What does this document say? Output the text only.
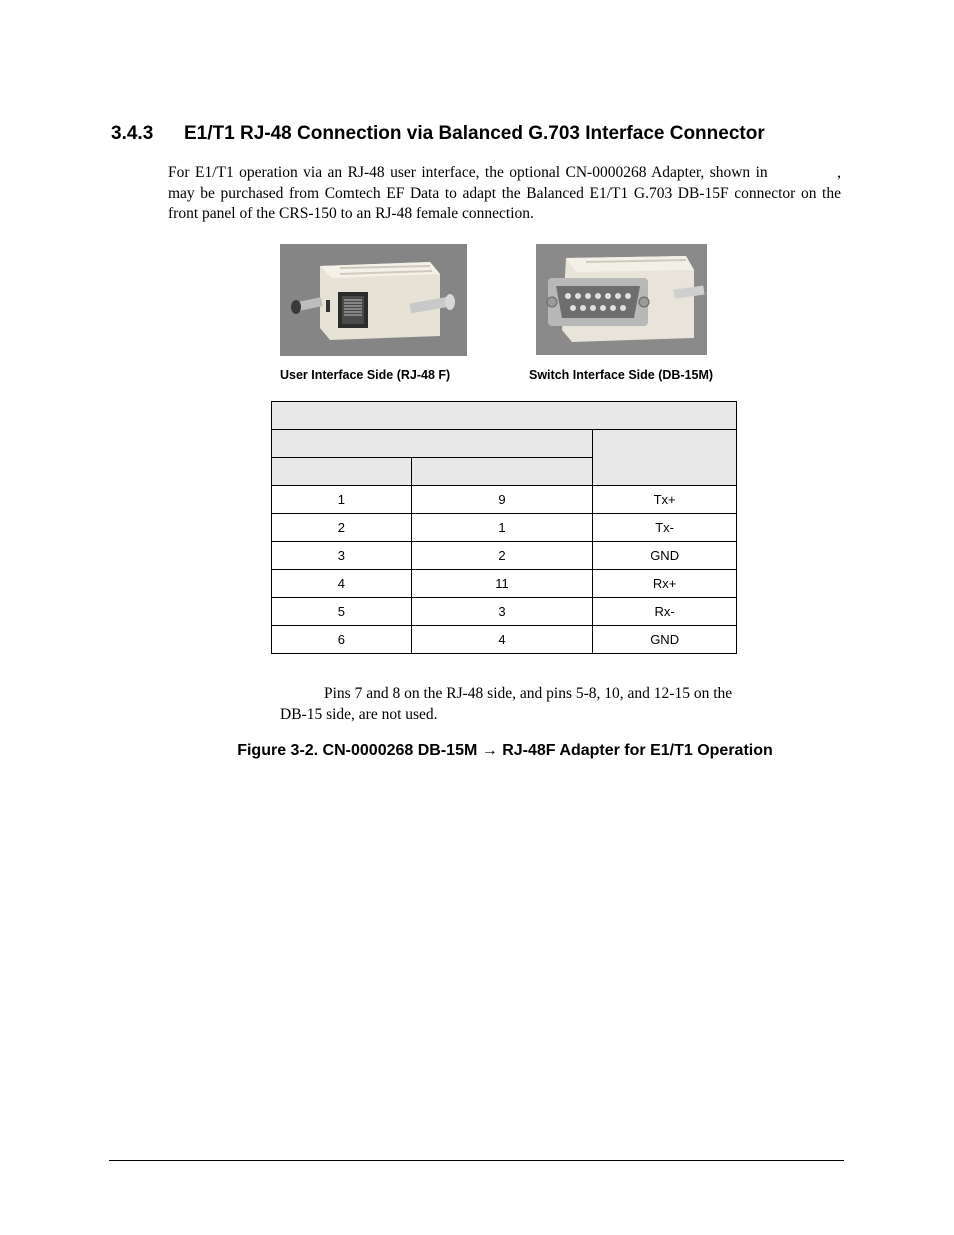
3.4.3 E1/T1 RJ-48 Connection via Balanced G.703 Interface Connector
For E1/T1 operation via an RJ-48 user interface, the optional CN-0000268 Adapter, shown in	, may be purchased from Comtech EF Data to adapt the Balanced E1/T1 G.703 DB-15F connector on the front panel of the CRS-150 to an RJ-48 female connection.
User Interface Side (RJ-48 F)	Switch Interface Side (DB-15M)

1	9	Tx+
2	1	Tx-
3	2	GND
4	11	Rx+
5	3	Rx-
6	4	GND
Pins 7 and 8 on the RJ-48 side, and pins 5-8, 10, and 12-15 on the DB-15 side, are not used.
Figure 3-2. CN-0000268 DB-15M → RJ-48F Adapter for E1/T1 Operation
